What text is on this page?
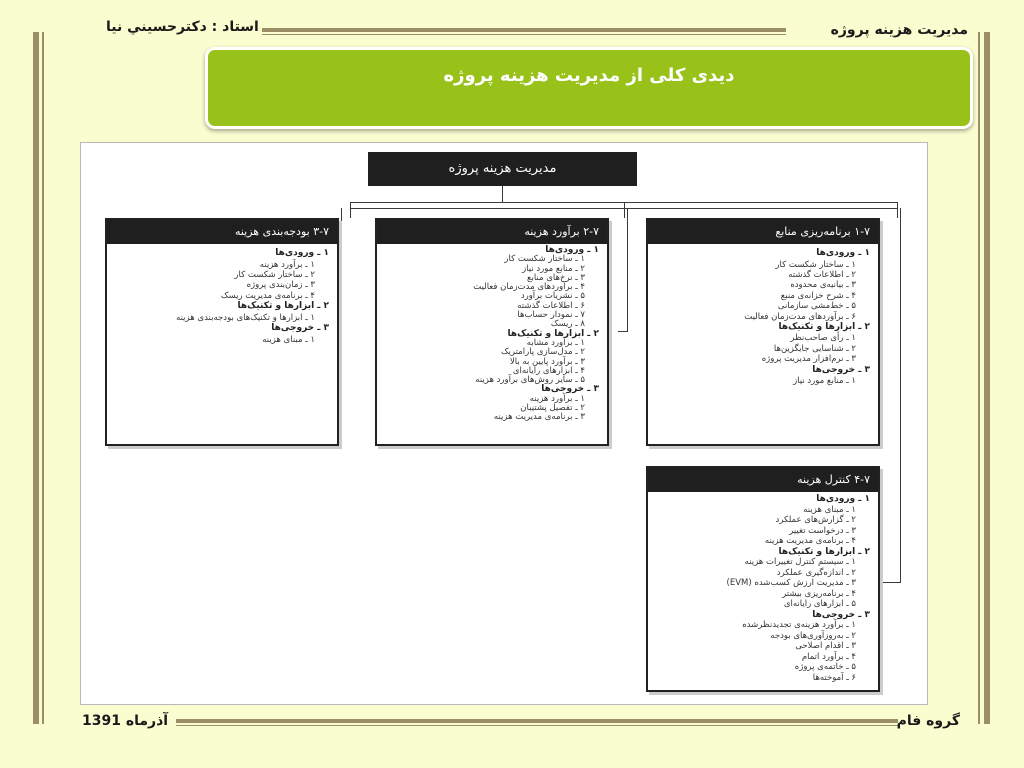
مديريت هزينه پروژه
استاد : دکترحسيني نيا
دیدی کلی از مدیریت هزینه پروژه
مدیریت هزینه پروژه
۱-۷ برنامه‌ریزی منابع
۱ ـ ورودی‌ها
۱ ـ ساختار شکست کار
۲ ـ اطلاعات گذشته
۳ ـ بیانیه‌ی محدوده
۴ ـ شرح خزانه‌ی منبع
۵ ـ خط‌مشی سازمانی
۶ ـ برآوردهای مدت‌زمان فعالیت
۲ ـ ابزارها و تکنیک‌ها
۱ ـ رأی صاحب‌نظر
۲ ـ شناسایی جایگزین‌ها
۳ ـ نرم‌افزار مدیریت پروژه
۳ ـ خروجی‌ها
۱ ـ منابع مورد نیاز
۲-۷ برآورد هزینه
۱ ـ ورودی‌ها
۱ ـ ساختار شکست کار
۲ ـ منابع مورد نیاز
۳ ـ نرخ‌های منابع
۴ ـ برآوردهای مدت‌زمان فعالیت
۵ ـ نشریات برآورد
۶ ـ اطلاعات گذشته
۷ ـ نمودار حساب‌ها
۸ ـ ریسک
۲ ـ ابزارها و تکنیک‌ها
۱ ـ برآورد مشابه
۲ ـ مدل‌سازی پارامتریک
۳ ـ برآورد پایین به بالا
۴ ـ ابزارهای رایانه‌ای
۵ ـ سایر روش‌های برآورد هزینه
۳ ـ خروجی‌ها
۱ ـ برآورد هزینه
۲ ـ تفصیل پشتیبان
۳ ـ برنامه‌ی مدیریت هزینه
۳-۷ بودجه‌بندی هزینه
۱ ـ ورودی‌ها
۱ ـ برآورد هزینه
۲ ـ ساختار شکست کار
۳ ـ زمان‌بندی پروژه
۴ ـ برنامه‌ی مدیریت ریسک
۲ ـ ابزارها و تکنیک‌ها
۱ ـ ابزارها و تکنیک‌های بودجه‌بندی هزینه
۳ ـ خروجی‌ها
۱ ـ مبنای هزینه
۴-۷ کنترل هزینه
۱ ـ ورودی‌ها
۱ ـ مبنای هزینه
۲ ـ گزارش‌های عملکرد
۳ ـ درخواست تغییر
۴ ـ برنامه‌ی مدیریت هزینه
۲ ـ ابزارها و تکنیک‌ها
۱ ـ سیستم کنترل تغییرات هزینه
۲ ـ اندازه‌گیری عملکرد
۳ ـ مدیریت ارزش کسب‌شده (EVM)
۴ ـ برنامه‌ریزی بیشتر
۵ ـ ابزارهای رایانه‌ای
۳ ـ خروجی‌ها
۱ ـ برآورد هزینه‌ی تجدیدنظرشده
۲ ـ به‌روزآوری‌های بودجه
۳ ـ اقدام اصلاحی
۴ ـ برآورد اتمام
۵ ـ خاتمه‌ی پروژه
۶ ـ آموخته‌ها
گروه فام
آذرماه 1391
